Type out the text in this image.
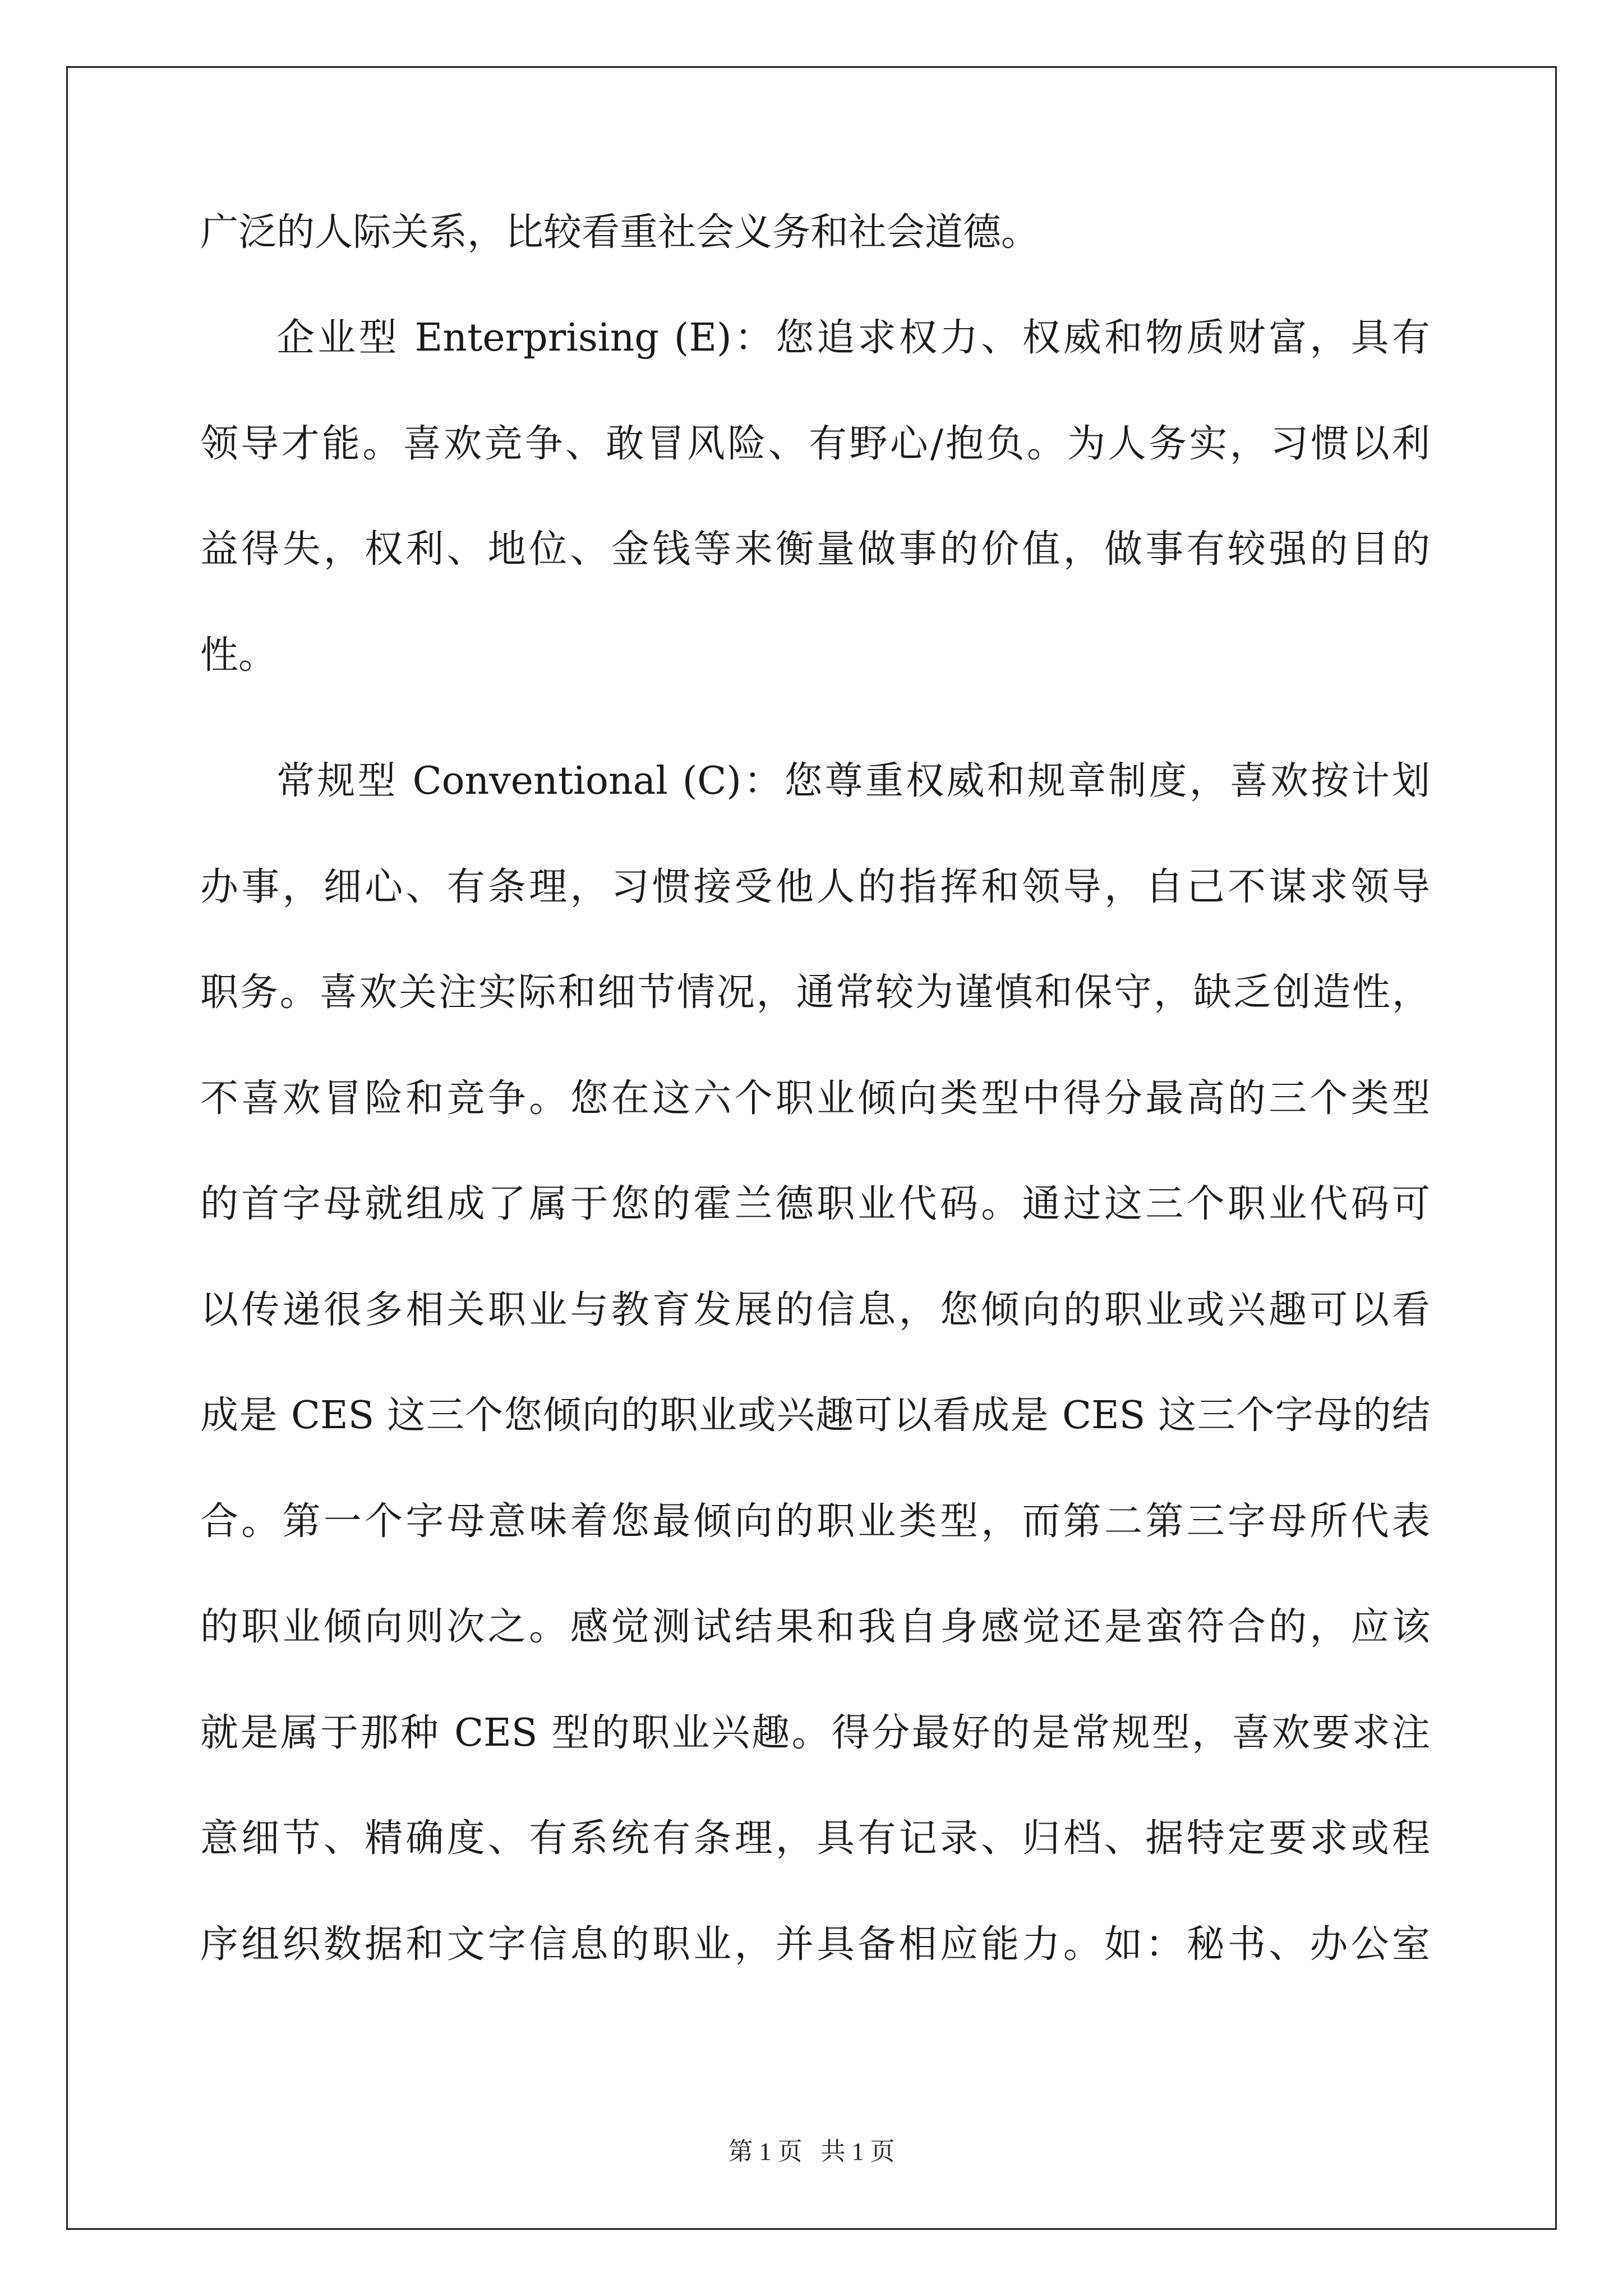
广泛的人际关系，比较看重社会义务和社会道德。
企业型 Enterprising (E)：您追求权力、权威和物质财富，具有
领导才能。喜欢竞争、敢冒风险、有野心/抱负。为人务实，习惯以利
益得失，权利、地位、金钱等来衡量做事的价值，做事有较强的目的
性。
常规型 Conventional (C)：您尊重权威和规章制度，喜欢按计划
办事，细心、有条理，习惯接受他人的指挥和领导，自己不谋求领导
职务。喜欢关注实际和细节情况，通常较为谨慎和保守，缺乏创造性，
不喜欢冒险和竞争。您在这六个职业倾向类型中得分最高的三个类型
的首字母就组成了属于您的霍兰德职业代码。通过这三个职业代码可
以传递很多相关职业与教育发展的信息，您倾向的职业或兴趣可以看
成是 CES 这三个您倾向的职业或兴趣可以看成是 CES 这三个字母的结
合。第一个字母意味着您最倾向的职业类型，而第二第三字母所代表
的职业倾向则次之。感觉测试结果和我自身感觉还是蛮符合的，应该
就是属于那种 CES 型的职业兴趣。得分最好的是常规型，喜欢要求注
意细节、精确度、有系统有条理，具有记录、归档、据特定要求或程
序组织数据和文字信息的职业，并具备相应能力。如：秘书、办公室
第 1 页   共 1 页
